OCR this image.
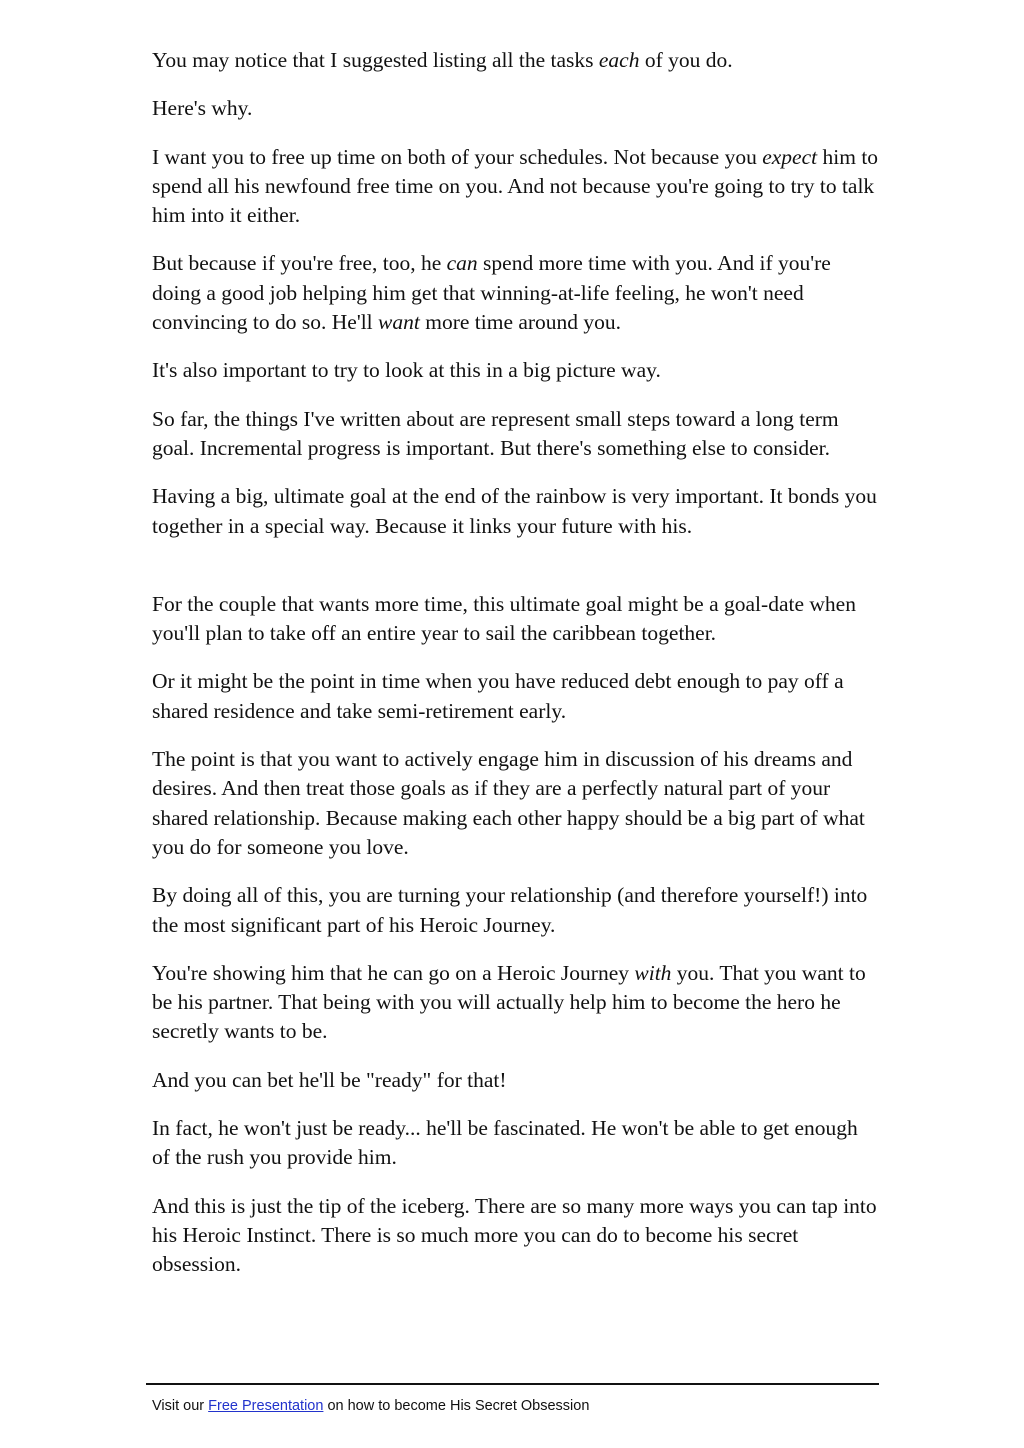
You may notice that I suggested listing all the tasks each of you do.

Here's why.

I want you to free up time on both of your schedules. Not because you expect him to spend all his newfound free time on you. And not because you're going to try to talk him into it either.

But because if you're free, too, he can spend more time with you. And if you're doing a good job helping him get that winning-at-life feeling, he won't need convincing to do so. He'll want more time around you.

It's also important to try to look at this in a big picture way.

So far, the things I've written about are represent small steps toward a long term goal. Incremental progress is important. But there's something else to consider.

Having a big, ultimate goal at the end of the rainbow is very important. It bonds you together in a special way. Because it links your future with his.

For the couple that wants more time, this ultimate goal might be a goal-date when you'll plan to take off an entire year to sail the caribbean together.

Or it might be the point in time when you have reduced debt enough to pay off a shared residence and take semi-retirement early.

The point is that you want to actively engage him in discussion of his dreams and desires. And then treat those goals as if they are a perfectly natural part of your shared relationship. Because making each other happy should be a big part of what you do for someone you love.

By doing all of this, you are turning your relationship (and therefore yourself!) into the most significant part of his Heroic Journey.

You're showing him that he can go on a Heroic Journey with you. That you want to be his partner. That being with you will actually help him to become the hero he secretly wants to be.

And you can bet he'll be "ready" for that!

In fact, he won't just be ready... he'll be fascinated. He won't be able to get enough of the rush you provide him.

And this is just the tip of the iceberg. There are so many more ways you can tap into his Heroic Instinct. There is so much more you can do to become his secret obsession.

Visit our Free Presentation on how to become His Secret Obsession
